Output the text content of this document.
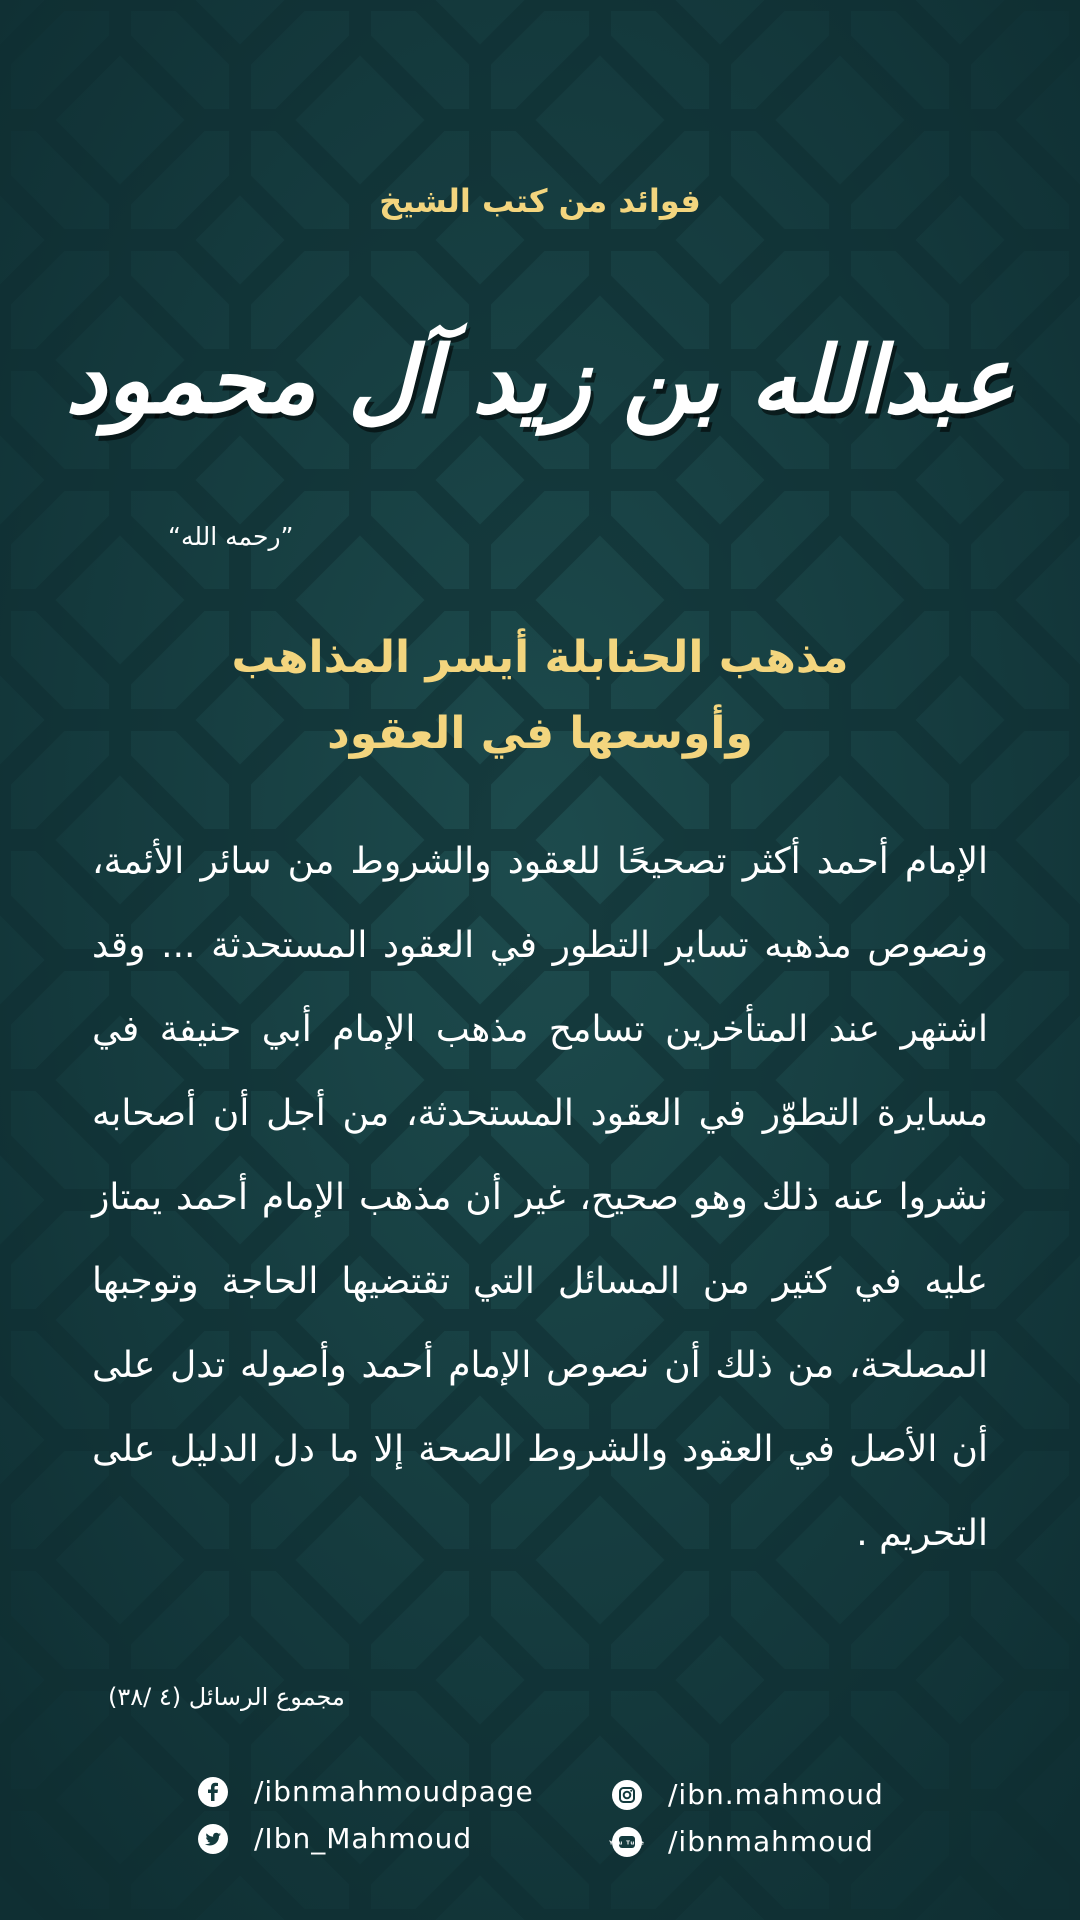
فوائد من كتب الشيخ
عبدالله بن زيد آل محمود
”رحمه الله“
مذهب الحنابلة أيسر المذاهب
وأوسعها في العقود
الإمام أحمد أكثر تصحيحًا للعقود والشروط من سائر الأئمة، ونصوص مذهبه تساير التطور في العقود المستحدثة ... وقد اشتهر عند المتأخرين تسامح مذهب الإمام أبي حنيفة في مسايرة التطوّر في العقود المستحدثة، من أجل أن أصحابه نشروا عنه ذلك وهو صحيح، غير أن مذهب الإمام أحمد يمتاز عليه في كثير من المسائل التي تقتضيها الحاجة وتوجبها المصلحة، من ذلك أن نصوص الإمام أحمد وأصوله تدل على أن الأصل في العقود والشروط الصحة إلا ما دل الدليل على التحريم .
مجموع الرسائل (٤ /٣٨)
/ibnmahmoudpage
/Ibn_Mahmoud
/ibn.mahmoud
You Tube /ibnmahmoud
